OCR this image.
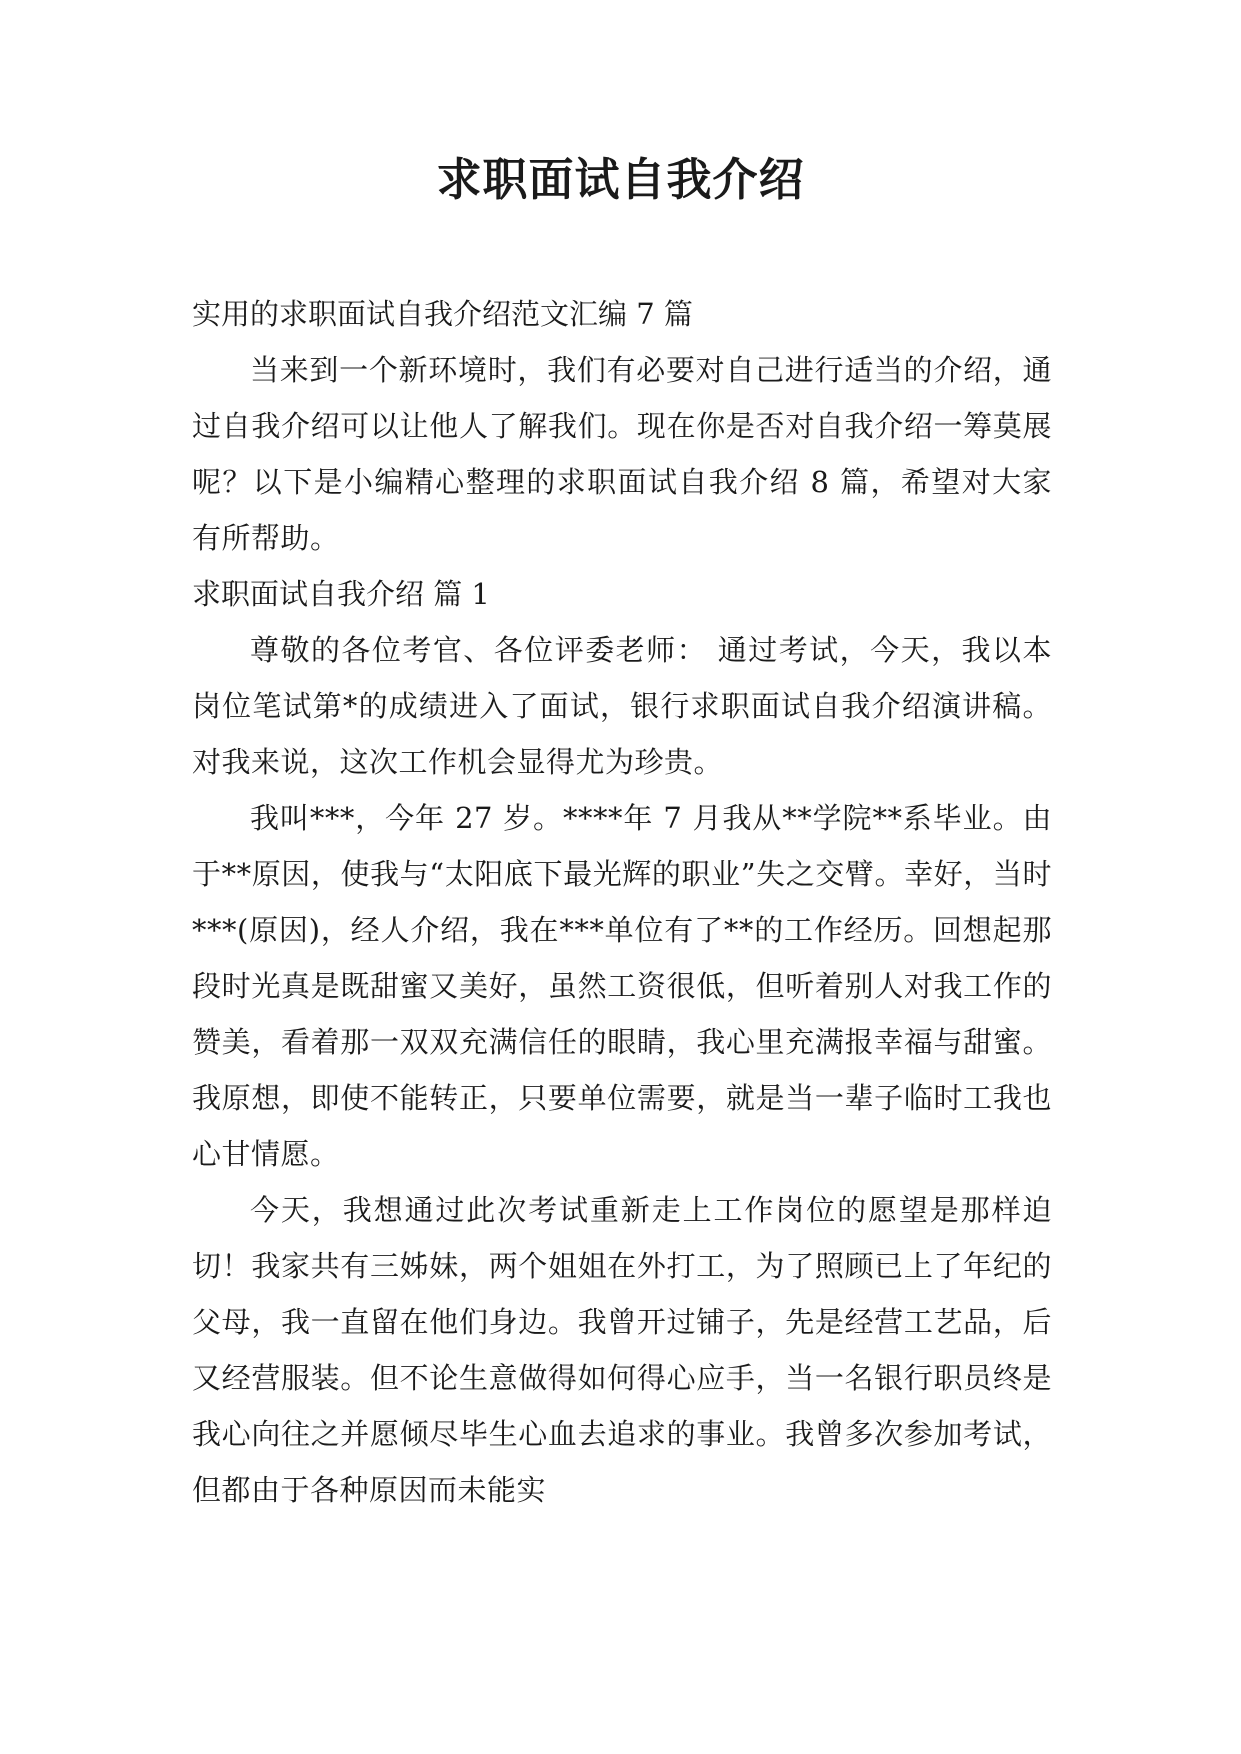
求职面试自我介绍

实用的求职面试自我介绍范文汇编 7 篇

当来到一个新环境时，我们有必要对自己进行适当的介绍，通过自我介绍可以让他人了解我们。现在你是否对自我介绍一筹莫展呢？以下是小编精心整理的求职面试自我介绍 8 篇，希望对大家有所帮助。

求职面试自我介绍 篇 1

尊敬的各位考官、各位评委老师： 通过考试，今天，我以本岗位笔试第*的成绩进入了面试，银行求职面试自我介绍演讲稿。对我来说，这次工作机会显得尤为珍贵。

我叫***，今年 27 岁。****年 7 月我从**学院**系毕业。由于**原因，使我与“太阳底下最光辉的职业”失之交臂。幸好，当时***(原因)，经人介绍，我在***单位有了**的工作经历。回想起那段时光真是既甜蜜又美好，虽然工资很低，但听着别人对我工作的赞美，看着那一双双充满信任的眼睛，我心里充满报幸福与甜蜜。我原想，即使不能转正，只要单位需要，就是当一辈子临时工我也心甘情愿。

今天，我想通过此次考试重新走上工作岗位的愿望是那样迫切！我家共有三姊妹，两个姐姐在外打工，为了照顾已上了年纪的父母，我一直留在他们身边。我曾开过铺子，先是经营工艺品，后又经营服装。但不论生意做得如何得心应手，当一名银行职员终是我心向往之并愿倾尽毕生心血去追求的事业。我曾多次参加考试，但都由于各种原因而未能实
